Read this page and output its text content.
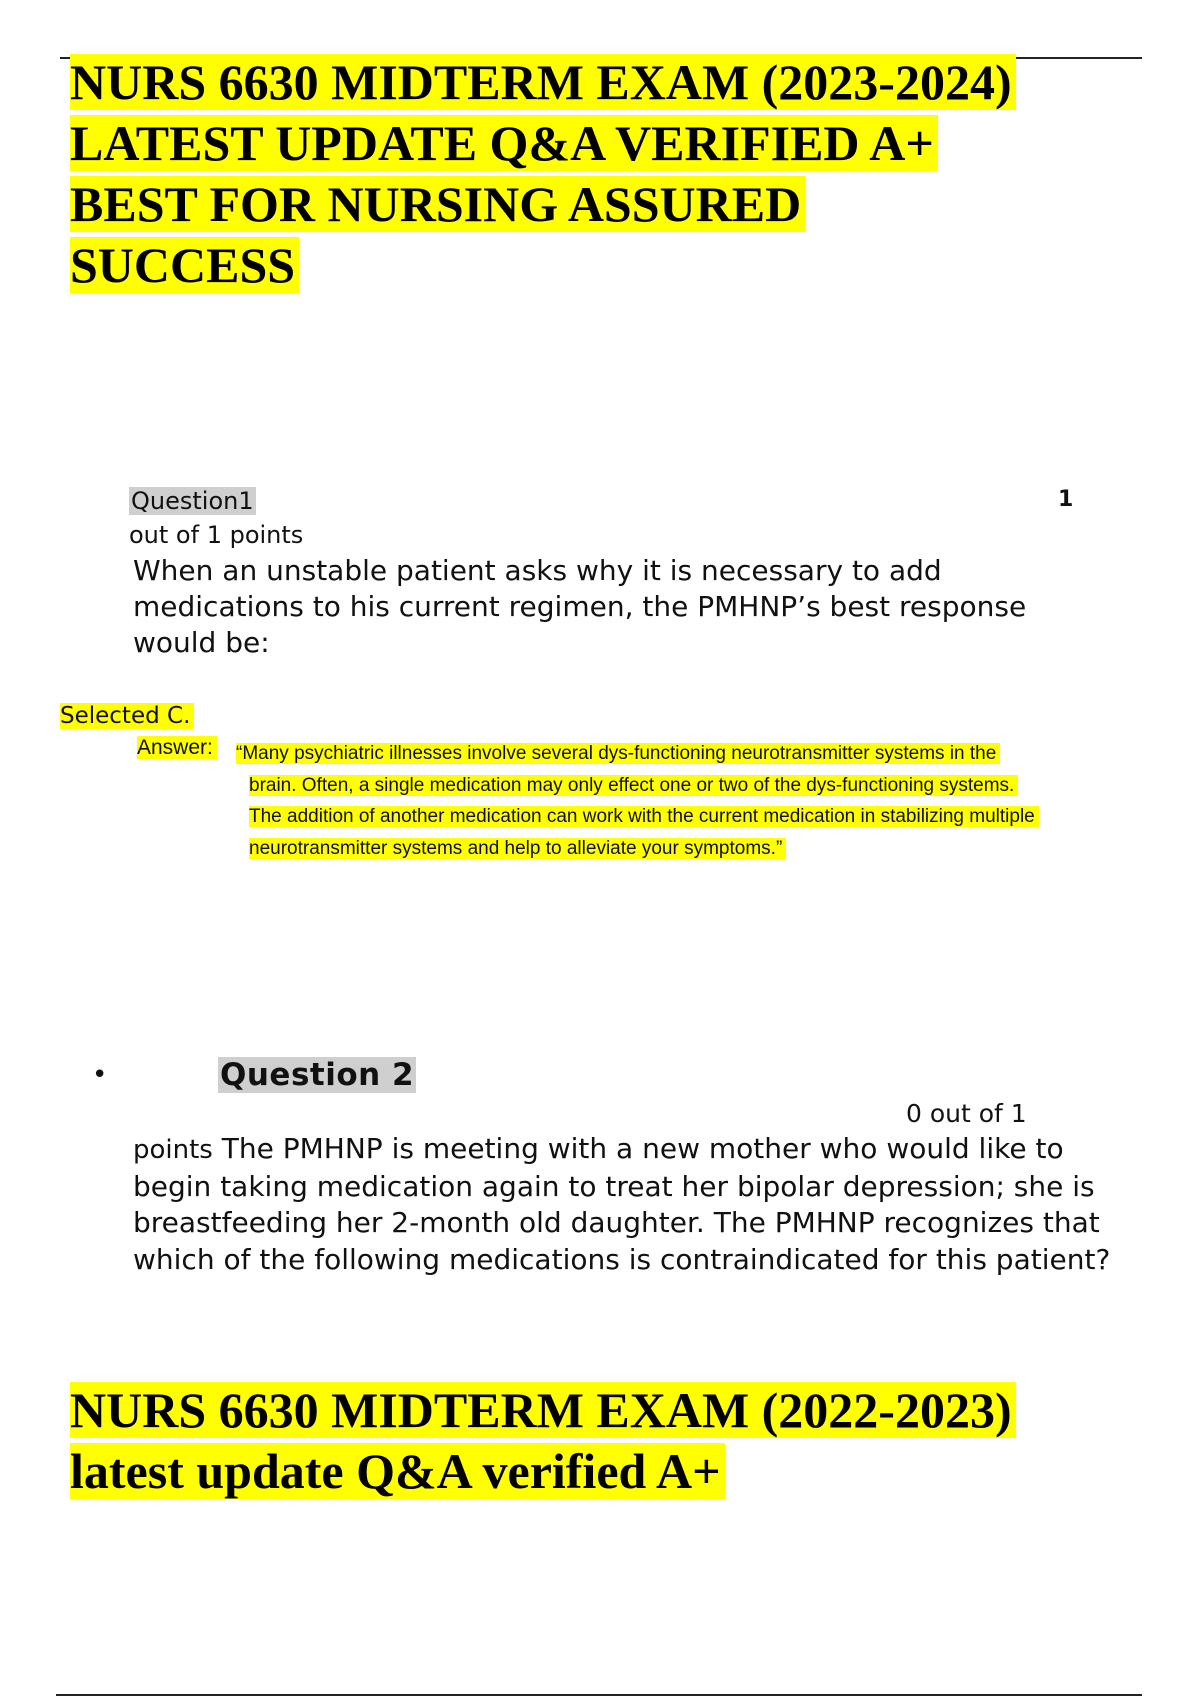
NURS 6630 MIDTERM EXAM (2023-2024)
LATEST UPDATE Q&A VERIFIED A+
BEST FOR NURSING ASSURED
SUCCESS
Question1	1
out of 1 points

When an unstable patient asks why it is necessary to add medications to his current regimen, the PMHNP’s best response would be:

Selected C.
Answer: “Many psychiatric illnesses involve several dys-functioning neurotransmitter systems in the brain. Often, a single medication may only effect one or two of the dys-functioning systems. The addition of another medication can work with the current medication in stabilizing multiple neurotransmitter systems and help to alleviate your symptoms.”

•	Question 2
0 out of 1

points The PMHNP is meeting with a new mother who would like to begin taking medication again to treat her bipolar depression; she is breastfeeding her 2-month old daughter. The PMHNP recognizes that which of the following medications is contraindicated for this patient?

NURS 6630 MIDTERM EXAM (2022-2023)
latest update Q&A verified A+
